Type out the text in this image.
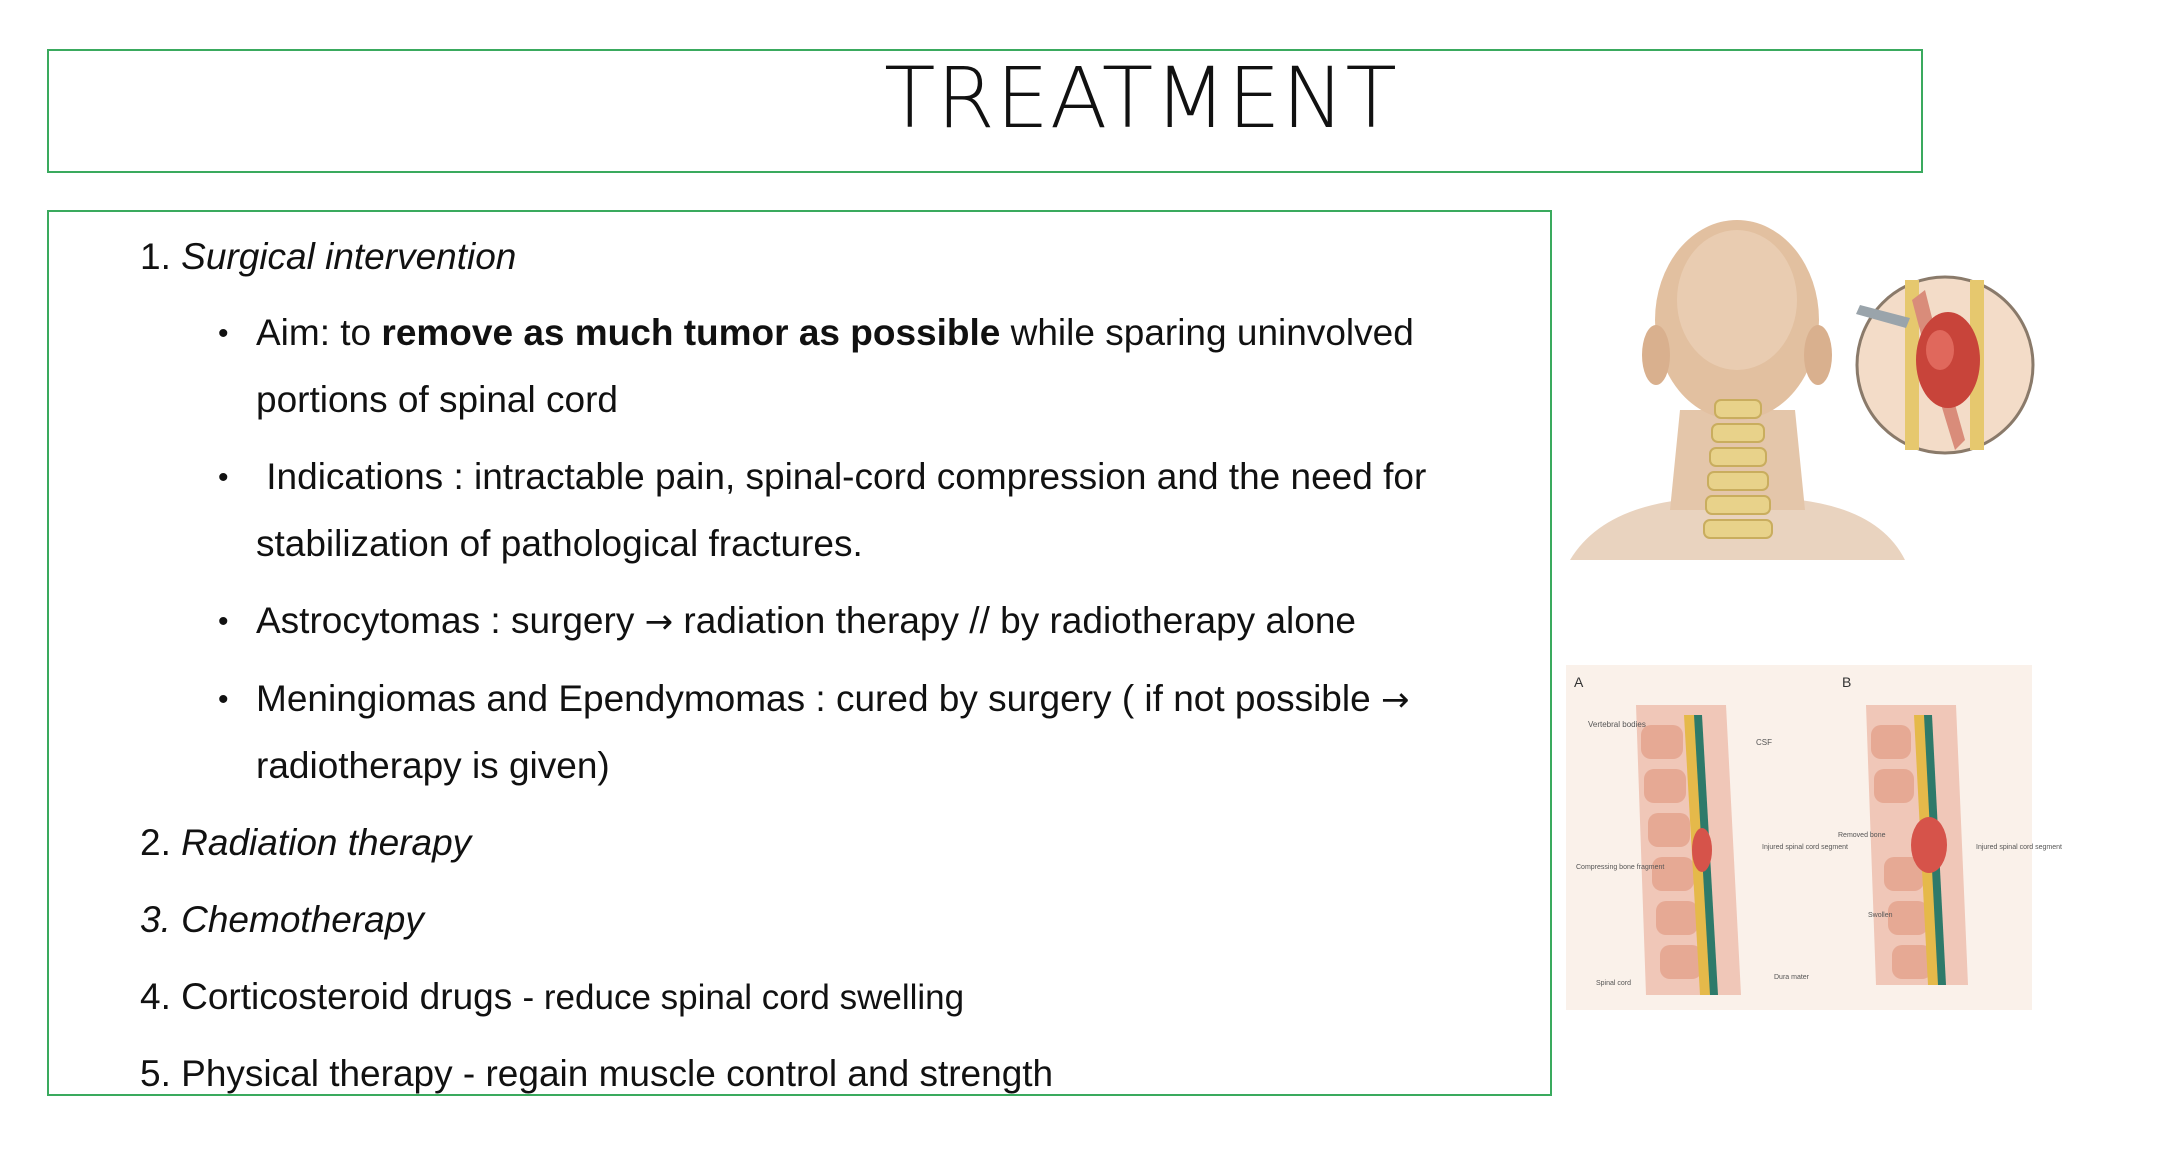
TREATMENT
1. Surgical intervention
• Aim: to remove as much tumor as possible while sparing uninvolved
portions of spinal cord
• Indications : intractable pain, spinal-cord compression and the need for
stabilization of pathological fractures.
• Astrocytomas : surgery → radiation therapy // by radiotherapy alone
• Meningiomas and Ependymomas : cured by surgery ( if not possible →
radiotherapy is given)
2. Radiation therapy
3. Chemotherapy
4. Corticosteroid drugs - reduce spinal cord swelling
5. Physical therapy - regain muscle control and strength
A
Vertebral bodies
CSF
Injured spinal cord segment
Compressing bone fragment
Spinal cord
Dura mater
B
Removed bone
Swollen
Injured spinal cord segment
